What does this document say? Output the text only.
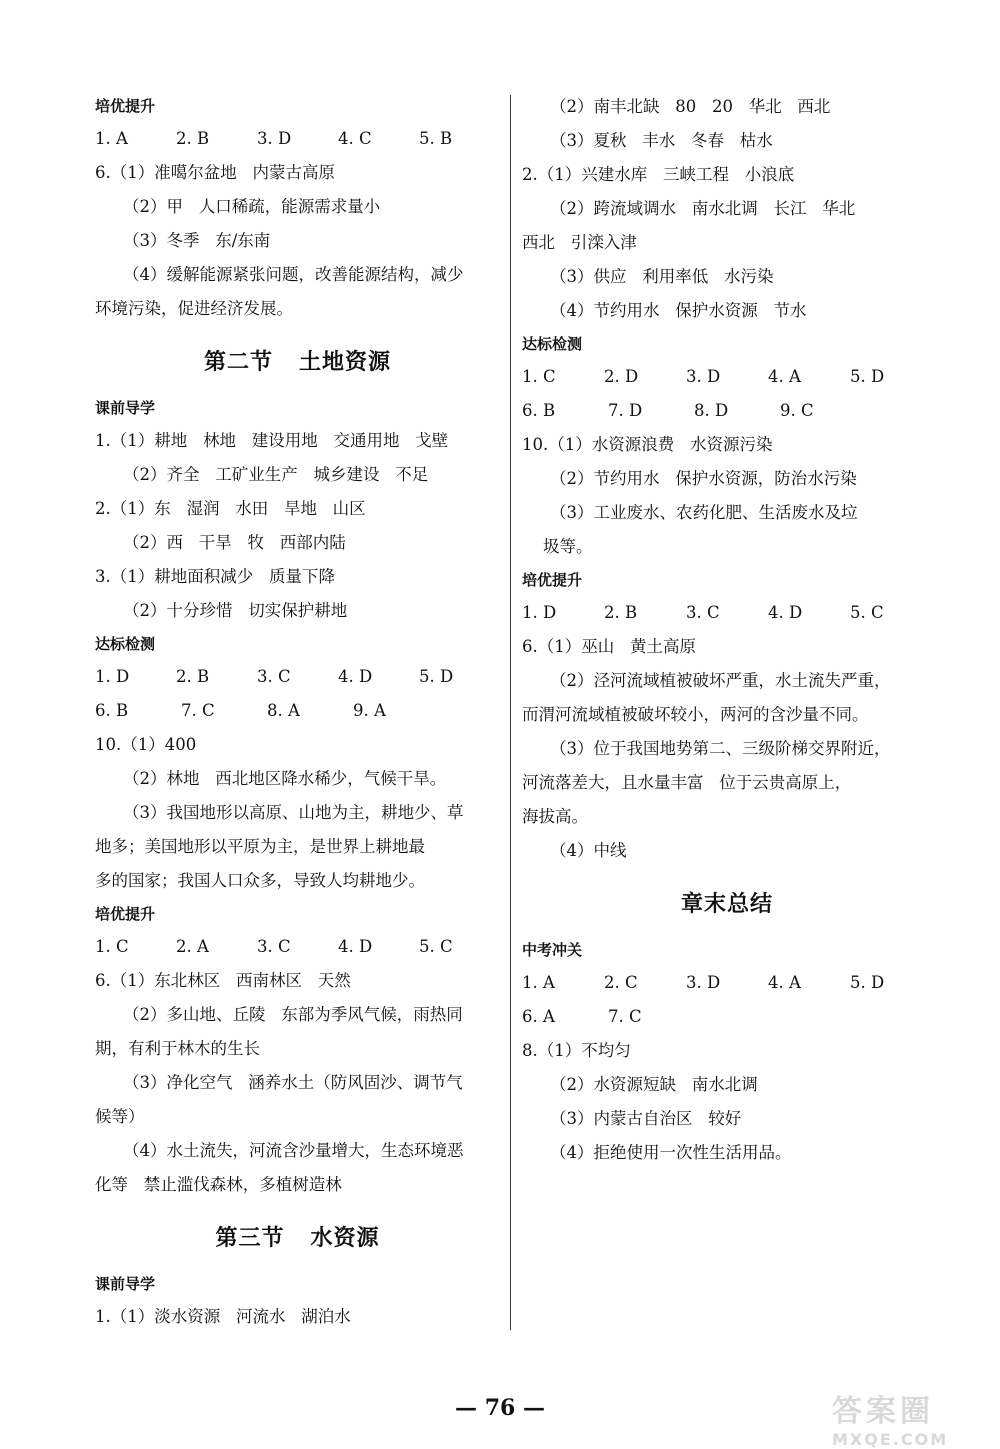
培优提升
1. A	2. B	3. D	4. C	5. B
6.（1）准噶尔盆地   内蒙古高原
（2）甲   人口稀疏，能源需求量小
（3）冬季   东/东南
（4）缓解能源紧张问题，改善能源结构，减少
环境污染，促进经济发展。
第二节   土地资源
课前导学
1.（1）耕地   林地   建设用地   交通用地   戈壁
（2）齐全   工矿业生产   城乡建设   不足
2.（1）东   湿润   水田   旱地   山区
（2）西   干旱   牧   西部内陆
3.（1）耕地面积减少   质量下降
（2）十分珍惜   切实保护耕地
达标检测
1. D	2. B	3. C	4. D	5. D
6. B	7. C	8. A	9. A
10.（1）400
（2）林地   西北地区降水稀少，气候干旱。
（3）我国地形以高原、山地为主，耕地少、草
地多；美国地形以平原为主，是世界上耕地最
多的国家；我国人口众多，导致人均耕地少。
培优提升
1. C	2. A	3. C	4. D	5. C
6.（1）东北林区   西南林区   天然
（2）多山地、丘陵   东部为季风气候，雨热同
期，有利于林木的生长
（3）净化空气   涵养水土（防风固沙、调节气
候等）
（4）水土流失，河流含沙量增大，生态环境恶
化等   禁止滥伐森林，多植树造林
第三节   水资源
课前导学
1.（1）淡水资源   河流水   湖泊水
（2）南丰北缺   80   20   华北   西北
（3）夏秋   丰水   冬春   枯水
2.（1）兴建水库   三峡工程   小浪底
（2）跨流域调水   南水北调   长江   华北
西北   引滦入津
（3）供应   利用率低   水污染
（4）节约用水   保护水资源   节水
达标检测
1. C	2. D	3. D	4. A	5. D
6. B	7. D	8. D	9. C
10.（1）水资源浪费   水资源污染
（2）节约用水   保护水资源，防治水污染
（3）工业废水、农药化肥、生活废水及垃
圾等。
培优提升
1. D	2. B	3. C	4. D	5. C
6.（1）巫山   黄土高原
（2）泾河流域植被破坏严重，水土流失严重，
而渭河流域植被破坏较小，两河的含沙量不同。
（3）位于我国地势第二、三级阶梯交界附近，
河流落差大，且水量丰富   位于云贵高原上，
海拔高。
（4）中线
章末总结
中考冲关
1. A	2. C	3. D	4. A	5. D
6. A	7. C
8.（1）不均匀
（2）水资源短缺   南水北调
（3）内蒙古自治区   较好
（4）拒绝使用一次性生活用品。
— 76 —	答案圈
MXQE.COM
